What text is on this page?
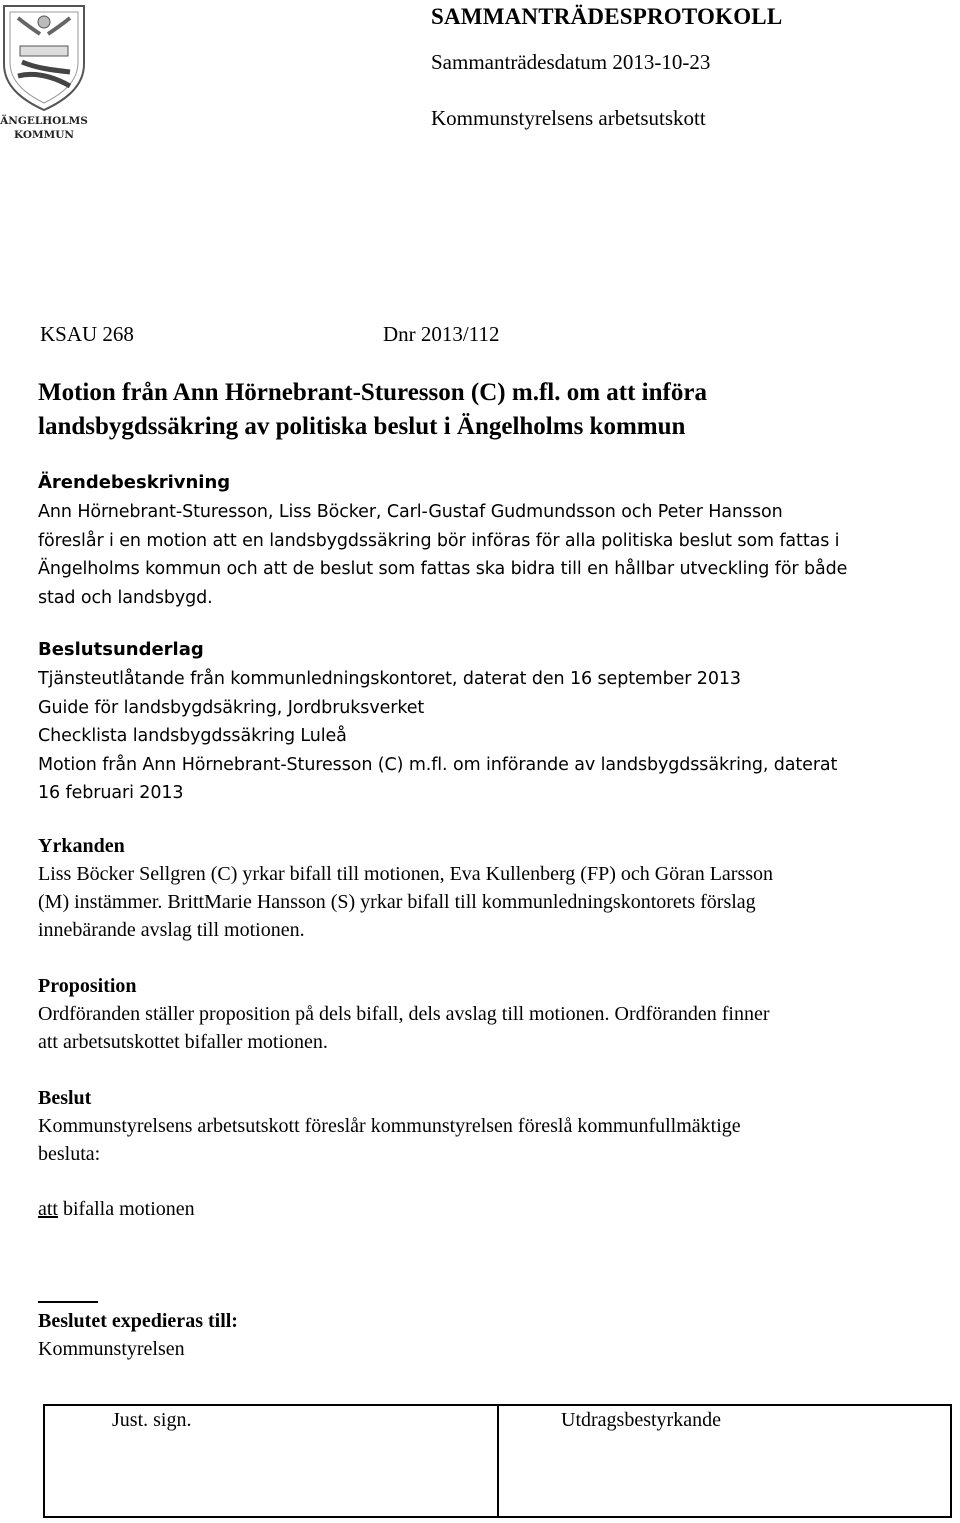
ÄNGELHOLMS
KOMMUN
SAMMANTRÄDESPROTOKOLL
Sammanträdesdatum 2013-10-23
Kommunstyrelsens arbetsutskott
KSAU 268	Dnr 2013/112
Motion från Ann Hörnebrant-Sturesson (C) m.fl. om att införa
landsbygdssäkring av politiska beslut i Ängelholms kommun
Ärendebeskrivning
Ann Hörnebrant-Sturesson, Liss Böcker, Carl-Gustaf Gudmundsson och Peter Hansson
föreslår i en motion att en landsbygdssäkring bör införas för alla politiska beslut som fattas i
Ängelholms kommun och att de beslut som fattas ska bidra till en hållbar utveckling för både
stad och landsbygd.
Beslutsunderlag
Tjänsteutlåtande från kommunledningskontoret, daterat den 16 september 2013
Guide för landsbygdsäkring, Jordbruksverket
Checklista landsbygdssäkring Luleå
Motion från Ann Hörnebrant-Sturesson (C) m.fl. om införande av landsbygdssäkring, daterat
16 februari 2013
Yrkanden
Liss Böcker Sellgren (C) yrkar bifall till motionen, Eva Kullenberg (FP) och Göran Larsson
(M) instämmer. BrittMarie Hansson (S) yrkar bifall till kommunledningskontorets förslag
innebärande avslag till motionen.
Proposition
Ordföranden ställer proposition på dels bifall, dels avslag till motionen. Ordföranden finner
att arbetsutskottet bifaller motionen.
Beslut
Kommunstyrelsens arbetsutskott föreslår kommunstyrelsen föreslå kommunfullmäktige
besluta:
att bifalla motionen
Beslutet expedieras till:
Kommunstyrelsen
Just. sign.	Utdragsbestyrkande
